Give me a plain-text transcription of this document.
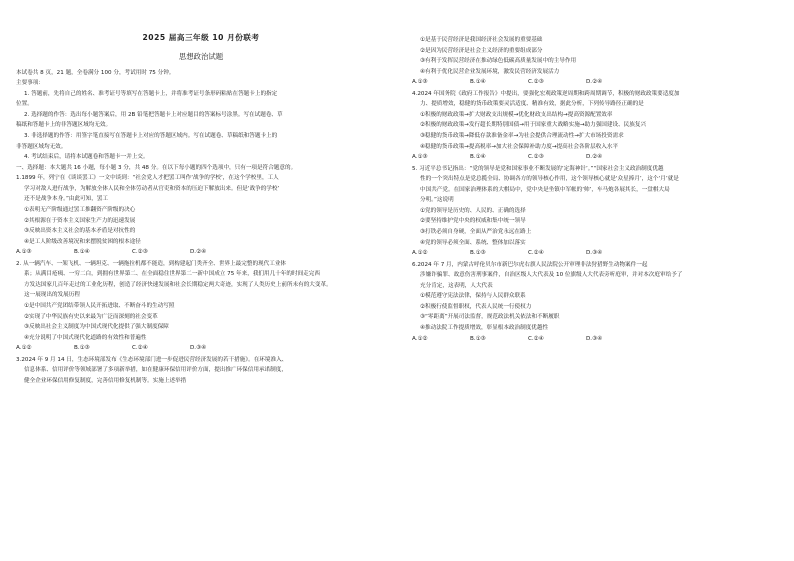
2025 届高三年级 10 月份联考
思想政治试题

本试卷共 8 页，21 题，全卷满分 100 分，考试用时 75 分钟。

主要事项：

1. 答题前，先将自己的姓名、准考证号等填写在答题卡上，并将准考证号条形码粘贴在答题卡上的指定

位置。

2. 选择题的作答：选出每小题答案后，用 2B 铅笔把答题卡上对应题目的答案标号涂黑。写在试题卷、草

稿纸和答题卡上的非答题区域均无效。

3. 非选择题的作答：用签字笔直接写在答题卡上对应的答题区域内。写在试题卷、草稿纸和答题卡上的

非答题区域均无效。

4. 考试结束后，请将本试题卷和答题卡一并上交。

一、选择题：本大题共 16 小题，每小题 3 分，共 48 分。在以下每小题的四个选项中，只有一项是符合题意的。

1.1899 年，列宁在《谈谈罢工》一文中谈到：“社会党人才把罢工叫作‘战争的学校’，在这个学校里，工人

学习对敌人进行战争，为解放全体人民和全体劳动者从官吏和资本的压迫下解放出来。但是‘战争的学校’

还不是战争本身。”由此可知，罢工

①表明无产阶级通过罢工推翻资产阶级的决心

②其根源在于资本主义国家生产力的迅速发展

③反映出资本主义社会的基本矛盾是对抗性的

④是工人阶级改善境况和来摆脱贫困的根本途径

A.①③	B.①④	C.②③	D.②④

2. 从一辆汽车、一架飞机、一辆坦克、一辆拖拉机都不能造，到构建起门类齐全、世界上最完整的现代工业体

系；从满目疮痍、一穷二白，到拥有世界第二、在全面稳住世界第二一新中国成立 75 年来，我们用几十年的时间走完西

方发达国家几百年走过的工业化历程，创造了经济快速发展和社会长期稳定两大奇迹，实现了人类历史上前所未有的大变革。

这一展现出的发展历程

①是中国共产党团结带领人民开拓进取、不断奋斗的生动写照

②实现了中华民族有史以来最为广泛而深刻的社会变革

③反映出社会主义制度为中国式现代化提供了强大制度保障

④充分说明了中国式现代化道路的有效性和普遍性

A.①②	B.①③	C.②④	D.③④

3.2024 年 9 月 14 日，生态环境部发布《生态环境部门进一步促进民营经济发展的若干措施》。在环境准入、

信息体系、信用评价等领域部署了多项新举措，如在健康环保信用评价方面，提出推广环保信用承诺制度，

健全企业环保信用修复制度，完善信用修复机制等。实施上述举措

①是基于民营经济是我国经济社会发展的重要基础

②是因为民营经济是社会主义经济的重要组成部分

③有利于发挥民营经济在推动绿色低碳高质量发展中的主导作用

④有利于优化民营企业发展环境，激发民营经济发展活力

A.①③	B.①④	C.②③	D.②④

4.2024 年国务院《政府工作报告》中提出，要强化宏观政策逆周期和跨周期调节，积极的财政政策要适度加

力、提质增效，稳健的货币政策要灵活适度、精准有效，据此分析，下列传导路径正确的是

①积极的财政政策→扩大财政支出规模→优化财政支出结构→提高资源配置效率

②积极的财政政策→发行超长期特别国债→用于国家重大战略实施→助力强国建设、民族复兴

③稳健的货币政策→降低存款准备金率→为社会提供合理流动性→扩大市场投资需求

④稳健的货币政策→提高税率→加大社会保障补助力度→提高社会各阶层收入水平

A.①③	B.①④	C.②③	D.②④

5. 习近平总书记指出：“党的领导是党和国家事业不断发展的‘定海神针’。”“国家社会主义政治制度优越

性的一个突出特点是党总揽全局、协调各方的领导核心作用，这个领导核心就是‘众星捧月’，这个‘月’就是

中国共产党。在国家治理体系的大棋局中，党中央是坐镇中军帐的‘帅’，车马炮各展其长，一盘棋大局

分明。”这说明

①党的领导是历史的、人民的、正确的选择

②要坚持维护党中央的权威和集中统一领导

③打铁必须自身硬，全面从严治党永远在路上

④党的领导必须全面、系统、整体加以落实

A.①②	B.①③	C.②④	D.③④

6.2024 年 7 月，内蒙古呼伦贝尔市新巴尔虎右旗人民法院公开审理非法狩猎野生动物案件一起

涉嫌诈骗罪、故意伤害刑事案件，自治区级人大代表及 10 位旗级人大代表旁听庭审，并对本次庭审给予了

充分肯定，这表明，人大代表

①模范遵守宪法法律，保持与人民群众联系

②积极行使监督职权，代表人民统一行使权力

③“零距离”开展司法监督，规范政法机关依法和不断履职

④推动法院工作提质增效，彰显根本政治制度优越性

A.①②	B.①③	C.②④	D.③④
